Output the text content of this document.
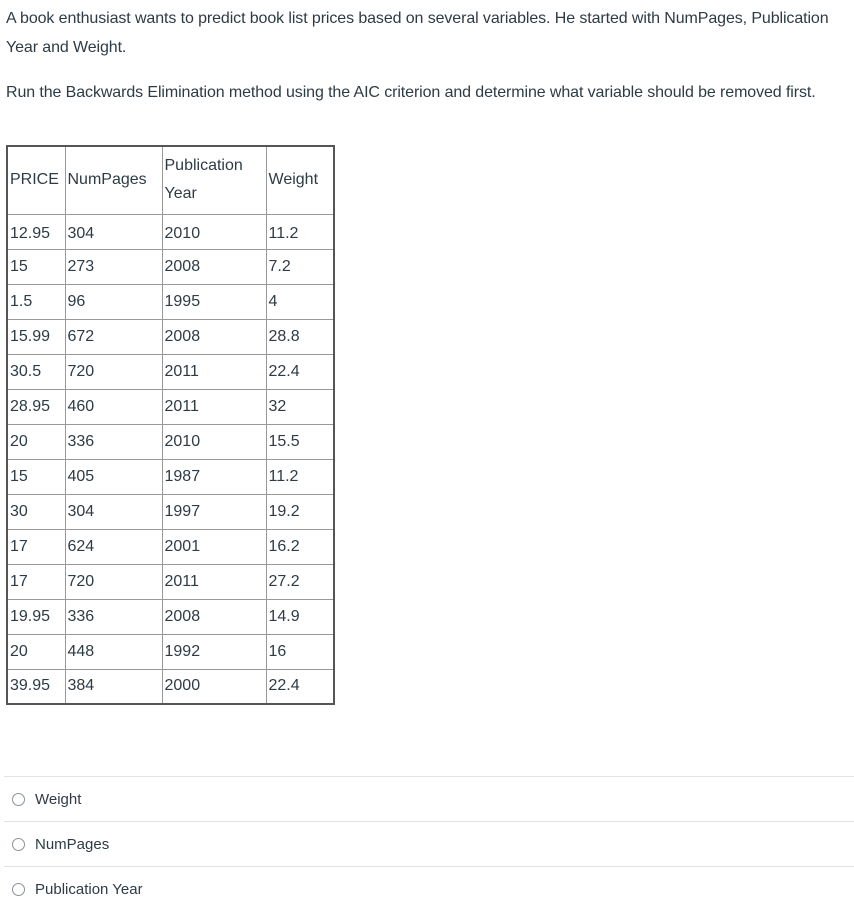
A book enthusiast wants to predict book list prices based on several variables. He started with NumPages, Publication Year and Weight.

Run the Backwards Elimination method using the AIC criterion and determine what variable should be removed first.

PRICE	NumPages	Publication Year	Weight
12.95	304	2010	11.2
15	273	2008	7.2
1.5	96	1995	4
15.99	672	2008	28.8
30.5	720	2011	22.4
28.95	460	2011	32
20	336	2010	15.5
15	405	1987	11.2
30	304	1997	19.2
17	624	2001	16.2
17	720	2011	27.2
19.95	336	2008	14.9
20	448	1992	16
39.95	384	2000	22.4
Weight
NumPages
Publication Year
